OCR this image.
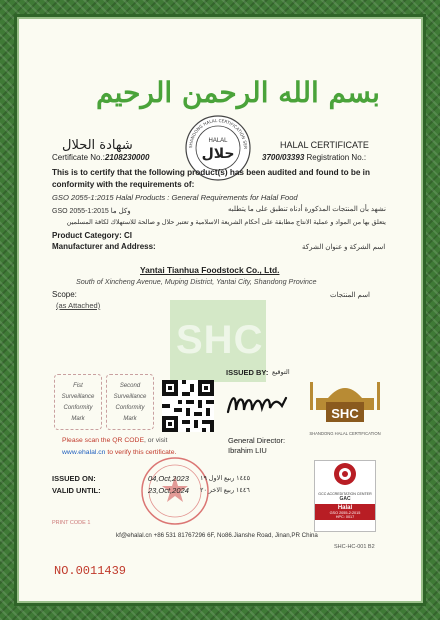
بسم الله الرحمن الرحيم
شهادة الحلال	HALAL CERTIFICATE
Certificate No.:2108230000	3700/03393 Registration No.:
SHANDONG HALAL CERTIFICATION SER
HALAL
حلال
This is to certify that the following product(s) has been audited and found to be in
conformity with the requirements of:
GSO 2055-1:2015 Halal Products : General Requirements for Halal Food
نشهد بأن المنتجات المذكورة أدناه تنطبق على ما يتطلبه
GSO 2055-1:2015 وكل ما
يتعلق بها من المواد و عملية الانتاج مطابقة على أحكام الشريعة الاسلامية و تعتبر حلال و صالحة للاستهلاك لكافة المسلمين
Product Category: CI
Manufacturer and Address:	اسم الشركة و عنوان الشركة
Yantai Tianhua Foodstock Co., Ltd.
South of Xincheng Avenue, Muping District, Yantai City, Shandong Province
Scope:	اسم المنتجات
(as Attached)
SHC
Fist
Surveillance
Conformity
Mark
Second
Surveillance
Conformity
Mark
ISSUED BY: التوقيع
General Director:
Ibrahim LIU
SHC
SHANDONG HALAL CERTIFICATION
Please scan the QR CODE, or visit
www.ehalal.cn to verify this certificate.
ISSUED ON:	04,Oct,2023 ١٤٤٥ ربيع الاول ١٩
VALID UNTIL:	23,Oct,2024 ١٤٤٦ ربيع الاخر ٢٠	GCC ACCREDITATION CENTER
GAC
Halal
GSO 2055-2:2015
HPC: 0017
PRINT CODE 1
kf@ehalal.cn +86 531 81767296 6F, No86.Jianshe Road, Jinan,PR China
SHC-HC-001 B2
NO.0011439
